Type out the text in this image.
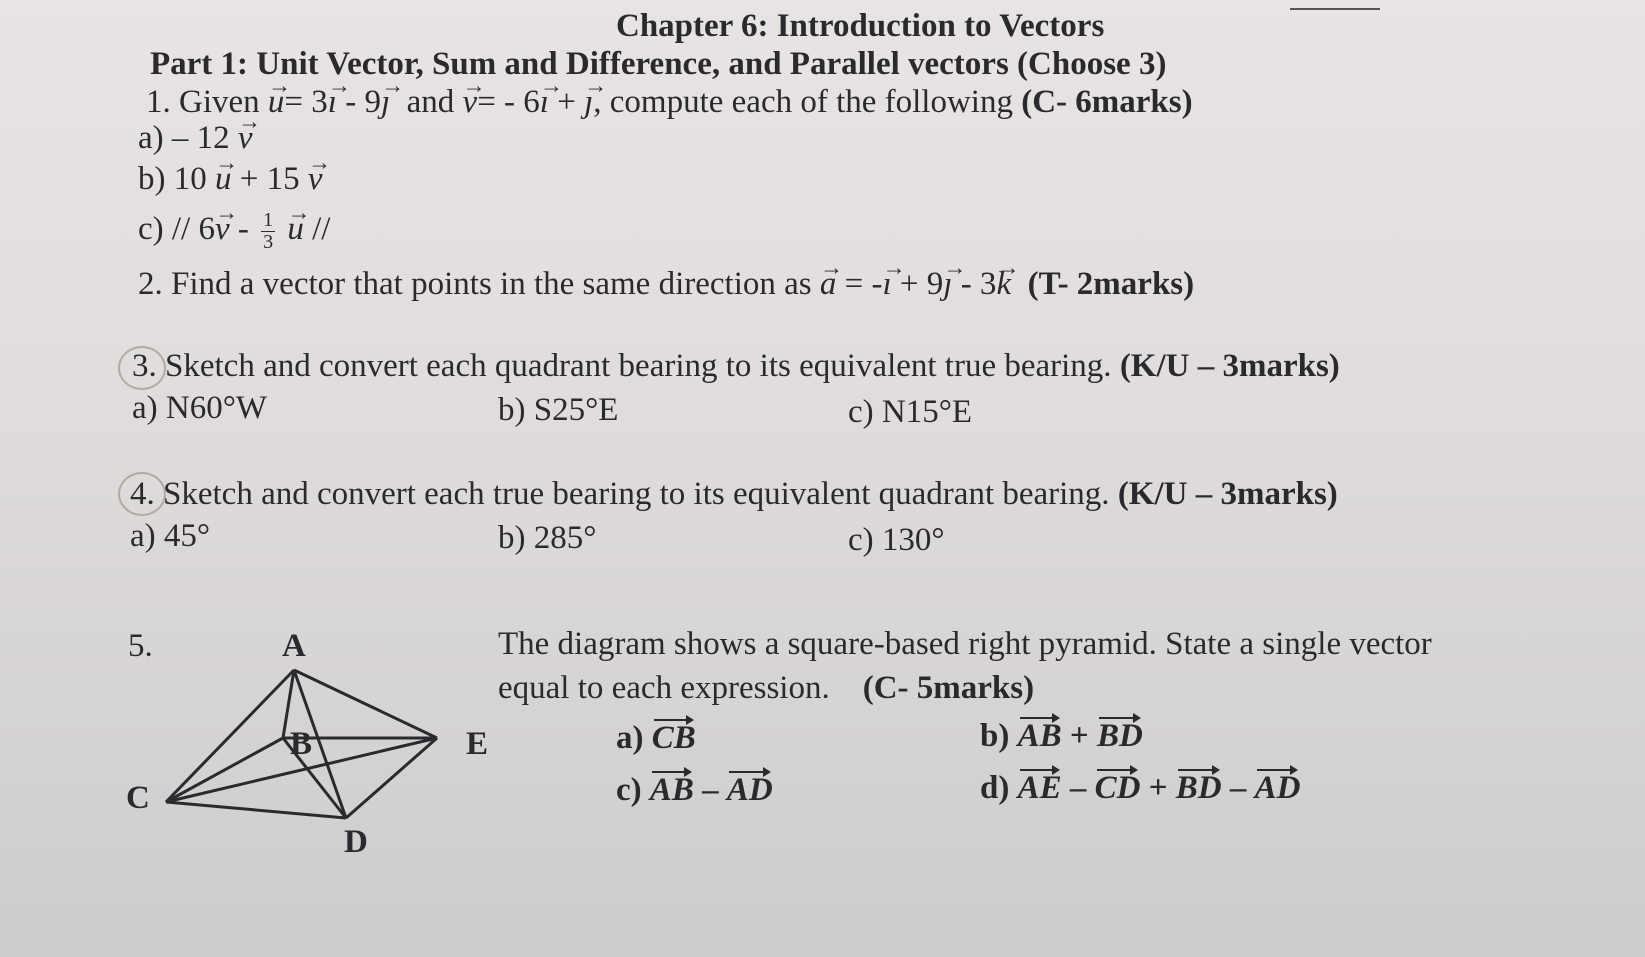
Chapter 6: Introduction to Vectors
Part 1: Unit Vector, Sum and Difference, and Parallel vectors (Choose 3)
1. Given → u= 3→ ı - 9→ ȷ and → v= - 6→ ı + → ȷ, compute each of the following (C- 6marks)
a) – 12 → v
b) 10 → u + 15 → v
$c) // 6\to v - \frac{1}{3} \to u$ //
2. Find a vector that points in the same direction as → a = -→ ı + 9→ ȷ - 3→ k (T- 2marks)
3. Sketch and convert each quadrant bearing to its equivalent true bearing. (K/U – 3marks)
a) N60°W	b) S25°E	c) N15°E
4. Sketch and convert each true bearing to its equivalent quadrant bearing. (K/U – 3marks)
a) 45°	b) 285°	c) 130°
5.	A
B
C
D
E
The diagram shows a square-based right pyramid. State a single vector
equal to each expression. (C- 5marks)
a) CB	b) AB + BD
c) AB – AD	d) AE – CD + BD – AD
